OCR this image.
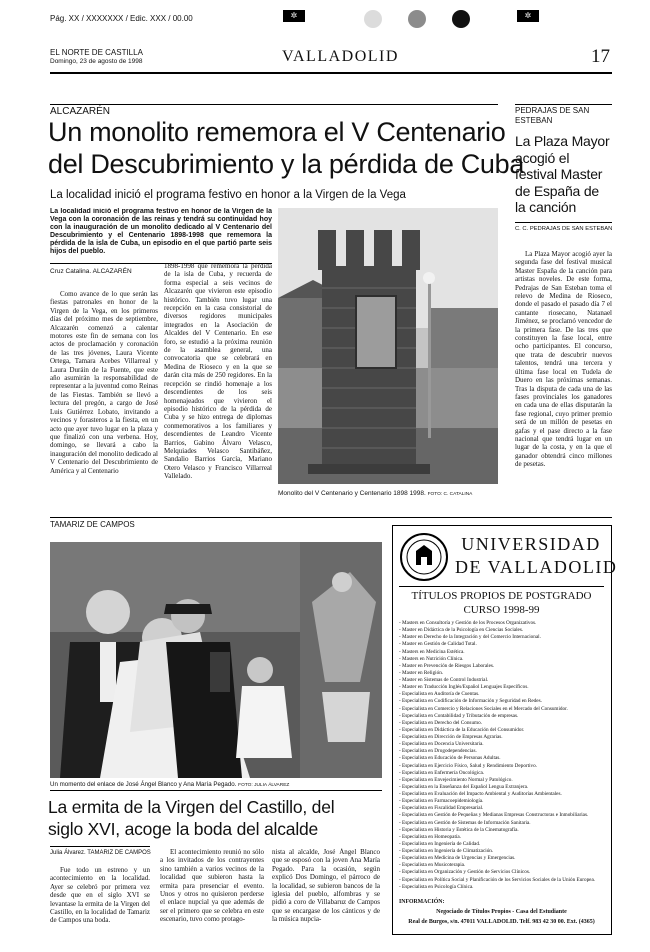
Pág. XX / XXXXXXX / Edic. XXX / 00.00	✲	✲
EL NORTE DE CASTILLA
Domingo, 23 de agosto de 1998	VALLADOLID	17
ALCAZARÉN
Un monolito rememora el V Centenario
del Descubrimiento y la pérdida de Cuba
La localidad inició el programa festivo en honor a la Virgen de la Vega
La localidad inició el programa festivo en honor de la Virgen de la Vega con la coronación de las reinas y tendrá su continuidad hoy con la inauguración de un monolito dedicado al V Centenario del Descubrimiento y el Centenario 1898-1998 que rememora la pérdida de la isla de Cuba, un episodio en el que partió parte seis hijos del pueblo.
Cruz Catalina. ALCAZARÉN
Como avance de lo que serán las fiestas patronales en honor de la Virgen de la Vega, en los primeros días del próximo mes de septiembre, Alcazarén comenzó a calentar motores este fin de semana con los actos de proclamación y coronación de las tres jóvenes, Laura Vicente Ortega, Tamara Acebes Villarreal y Laura Duráin de la Fuente, que este año asumirán la responsabilidad de representar a la juventud como Reinas de las Fiestas. También se llevó a lectura del pregón, a cargo de José Luis Gutiérrez Lobato, invitando a vecinos y forasteros a la fiesta, en un acto que ayer tuvo lugar en la plaza y que finalizó con una verbena. Hoy, domingo, se llevará a cabo la inauguración del monolito dedicado al V Centenario del Descubrimiento de América y al Centenario
1898-1998 que rememora la pérdida de la isla de Cuba, y recuerda de forma especial a seis vecinos de Alcazarén que vivieron este episodio histórico. También tuvo lugar una recepción en la casa consistorial de diversos regidores municipales integrados en la Asociación de Alcaldes del V Centenario. En ese foro, se estudió a la próxima reunión de la asamblea general, una convocatoria que se celebrará en Medina de Rioseco y en la que se darán cita más de 250 regidores. En la recepción se rindió homenaje a los descendientes de los seis homenajeados que vivieron el episodio histórico de la pérdida de Cuba y se hizo entrega de diplomas conmemorativos a los familiares y descendientes de Leandro Vicente Barrios, Gabino Álvaro Velasco, Melquiades Velasco Santibáñez, Sandalio Barrios García, Mariano Otero Velasco y Francisco Villarreal Vallelado.
Monolito del V Centenario y Centenario 1898 1998. FOTO: C. CATALINA
PEDRAJAS DE SAN ESTEBAN
La Plaza Mayor acogió el festival Master de España de la canción
C. C. PEDRAJAS DE SAN ESTEBAN
La Plaza Mayor acogió ayer la segunda fase del festival musical Master España de la canción para artistas noveles. De este forma, Pedrajas de San Esteban toma el relevo de Medina de Rioseco, donde el pasado el pasado día 7 el cantante riosecano, Natanael Jiménez, se proclamó vencedor de la primera fase. De las tres que constituyen la fase local, entre ocho participantes. El concurso, que trata de descubrir nuevos talentos, tendrá una tercera y última fase local en Tudela de Duero en las próximas semanas. Tras la disputa de cada una de las fases provinciales los ganadores en cada una de ellas disputarán la fase regional, cuyo primer premio será de un millón de pesetas en gafas y el pase directo a la fase nacional que tendrá lugar en un lugar de la costa, y en la que el ganador obtendrá cinco millones de pesetas.
TAMARIZ DE CAMPOS
Un momento del enlace de José Ángel Blanco y Ana María Pegado. FOTO: JULIA ÁLVAREZ
La ermita de la Virgen del Castillo, del
siglo XVI, acoge la boda del alcalde
Julia Álvarez. TAMARIZ DE CAMPOS
Fue todo un estreno y un acontecimiento en la localidad. Ayer se celebró por primera vez desde que en el siglo XVI se levantase la ermita de la Virgen del Castillo, en la localidad de Tamariz de Campos una boda.
El acontecimiento reunió no sólo a los invitados de los contrayentes sino también a varios vecinos de la localidad que subieron hasta la ermita para presenciar el evento. Unos y otros no quisieron perderse el enlace nupcial ya que además de ser el primero que se celebra en este escenario, tuvo como protago-
nista al alcalde, José Ángel Blanco que se esposó con la joven Ana María Pegado. Para la ocasión, según explicó Dos Domingo, el párroco de la localidad, se subieron bancos de la iglesia del pueblo, alfombras y se pidió a coro de Villabaruz de Campos que se encargase de los cánticos y de la música nupcia-
UNIVERSIDAD
DE VALLADOLID
TÍTULOS PROPIOS DE POSTGRADO
CURSO 1998-99
- Masters en Consultoría y Gestión de los Procesos Organizativos.
- Master en Didáctica de la Psicología en Ciencias Sociales.
- Master en Derecho de la Integración y del Comercio Internacional.
- Master en Gestión de Calidad Total.
- Masters en Medicina Estética.
- Masters en Nutrición Clínica.
- Master en Prevención de Riesgos Laborales.
- Master en Religión.
- Master en Sistemas de Control Industrial.
- Master en Traducción Inglés/Español Lenguajes Específicos.
- Especialista en Auditoría de Cuentas.
- Especialista en Codificación de Información y Seguridad en Redes.
- Especialista en Comercio y Relaciones Sociales en el Mercado del Consumidor.
- Especialista en Contabilidad y Tributación de empresas.
- Especialista en Derecho del Consumo.
- Especialista en Didáctica de la Educación del Consumidor.
- Especialista en Dirección de Empresas Agrarias.
- Especialista en Docencia Universitaria.
- Especialista en Drogodependencias.
- Especialista en Educación de Personas Adultas.
- Especialista en Ejercicio Físico, Salud y Rendimiento Deportivo.
- Especialista en Enfermería Oncológica.
- Especialista en Envejecimiento Normal y Patológico.
- Especialista en la Enseñanza del Español Lengua Extranjera.
- Especialista en Evaluación del Impacto Ambiental y Auditorías Ambientales.
- Especialista en Farmacoepidemiología.
- Especialista en Fiscalidad Empresarial.
- Especialista en Gestión de Pequeñas y Medianas Empresas Constructoras e Inmobiliarias.
- Especialista en Gestión de Sistemas de Información Sanitaria.
- Especialista en Historia y Estética de la Cinematografía.
- Especialista en Homeopatía.
- Especialista en Ingeniería de Calidad.
- Especialista en Ingeniería de Climatización.
- Especialista en Medicina de Urgencias y Emergencias.
- Especialista en Musicoterapia.
- Especialista en Organización y Gestión de Servicios Clínicos.
- Especialista en Política Social y Planificación de los Servicios Sociales de la Unión Europea.
- Especialista en Psicología Clínica.
INFORMACIÓN:
Negociado de Títulos Propios - Casa del Estudiante
Real de Burgos, s/n. 47011 VALLADOLID. Telf. 983 42 30 00. Ext. (4365)
